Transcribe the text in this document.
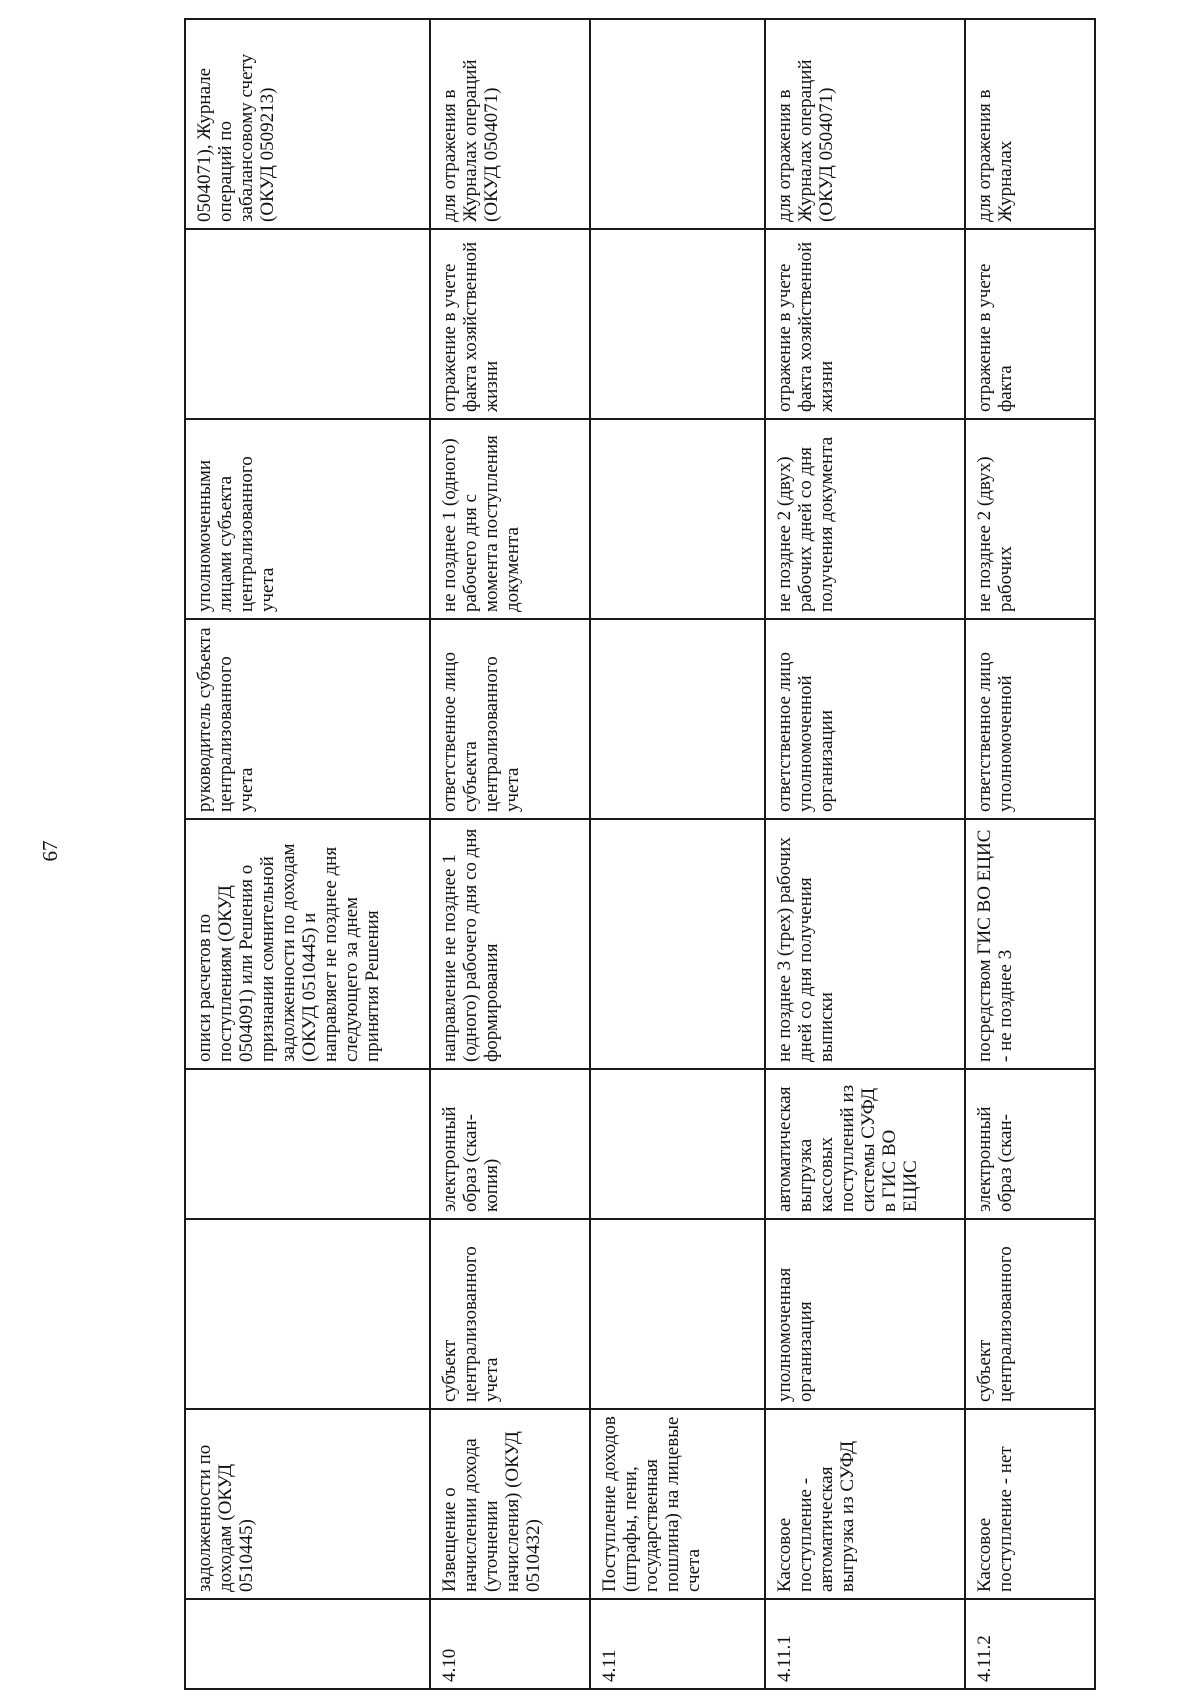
67
	задолженности по доходам (ОКУД 0510445)			описи расчетов по поступлениям (ОКУД 0504091) или Решения о признании сомнительной задолженности по доходам (ОКУД 0510445) и направляет не позднее дня следующего за днем принятия Решения	руководитель субъекта централизованного учета	уполномоченными лицами субъекта централизованного учета		0504071), Журнале операций по забалансовому счету (ОКУД 0509213)
4.10	Извещение о начислении дохода (уточнении начисления) (ОКУД 0510432)	субъект централизованного учета	электронный образ (скан-копия)	направление не позднее 1 (одного) рабочего дня со дня формирования	ответственное лицо субъекта централизованного учета	не позднее 1 (одного) рабочего дня с момента поступления документа	отражение в учете факта хозяйственной жизни	для отражения в Журналах операций (ОКУД 0504071)
4.11	Поступление доходов (штрафы, пени, государственная пошлина) на лицевые счета							
4.11.1	Кассовое поступление - автоматическая выгрузка из СУФД	уполномоченная организация	автоматическая выгрузка кассовых поступлений из системы СУФД в ГИС ВО ЕЦИС	не позднее 3 (трех) рабочих дней со дня получения выписки	ответственное лицо уполномоченной организации	не позднее 2 (двух) рабочих дней со дня получения документа	отражение в учете факта хозяйственной жизни	для отражения в Журналах операций (ОКУД 0504071)
4.11.2	Кассовое поступление - нет	субъект централизованного	электронный образ (скан-	посредством ГИС ВО ЕЦИС - не позднее 3	ответственное лицо уполномоченной	не позднее 2 (двух) рабочих	отражение в учете факта	для отражения в Журналах
